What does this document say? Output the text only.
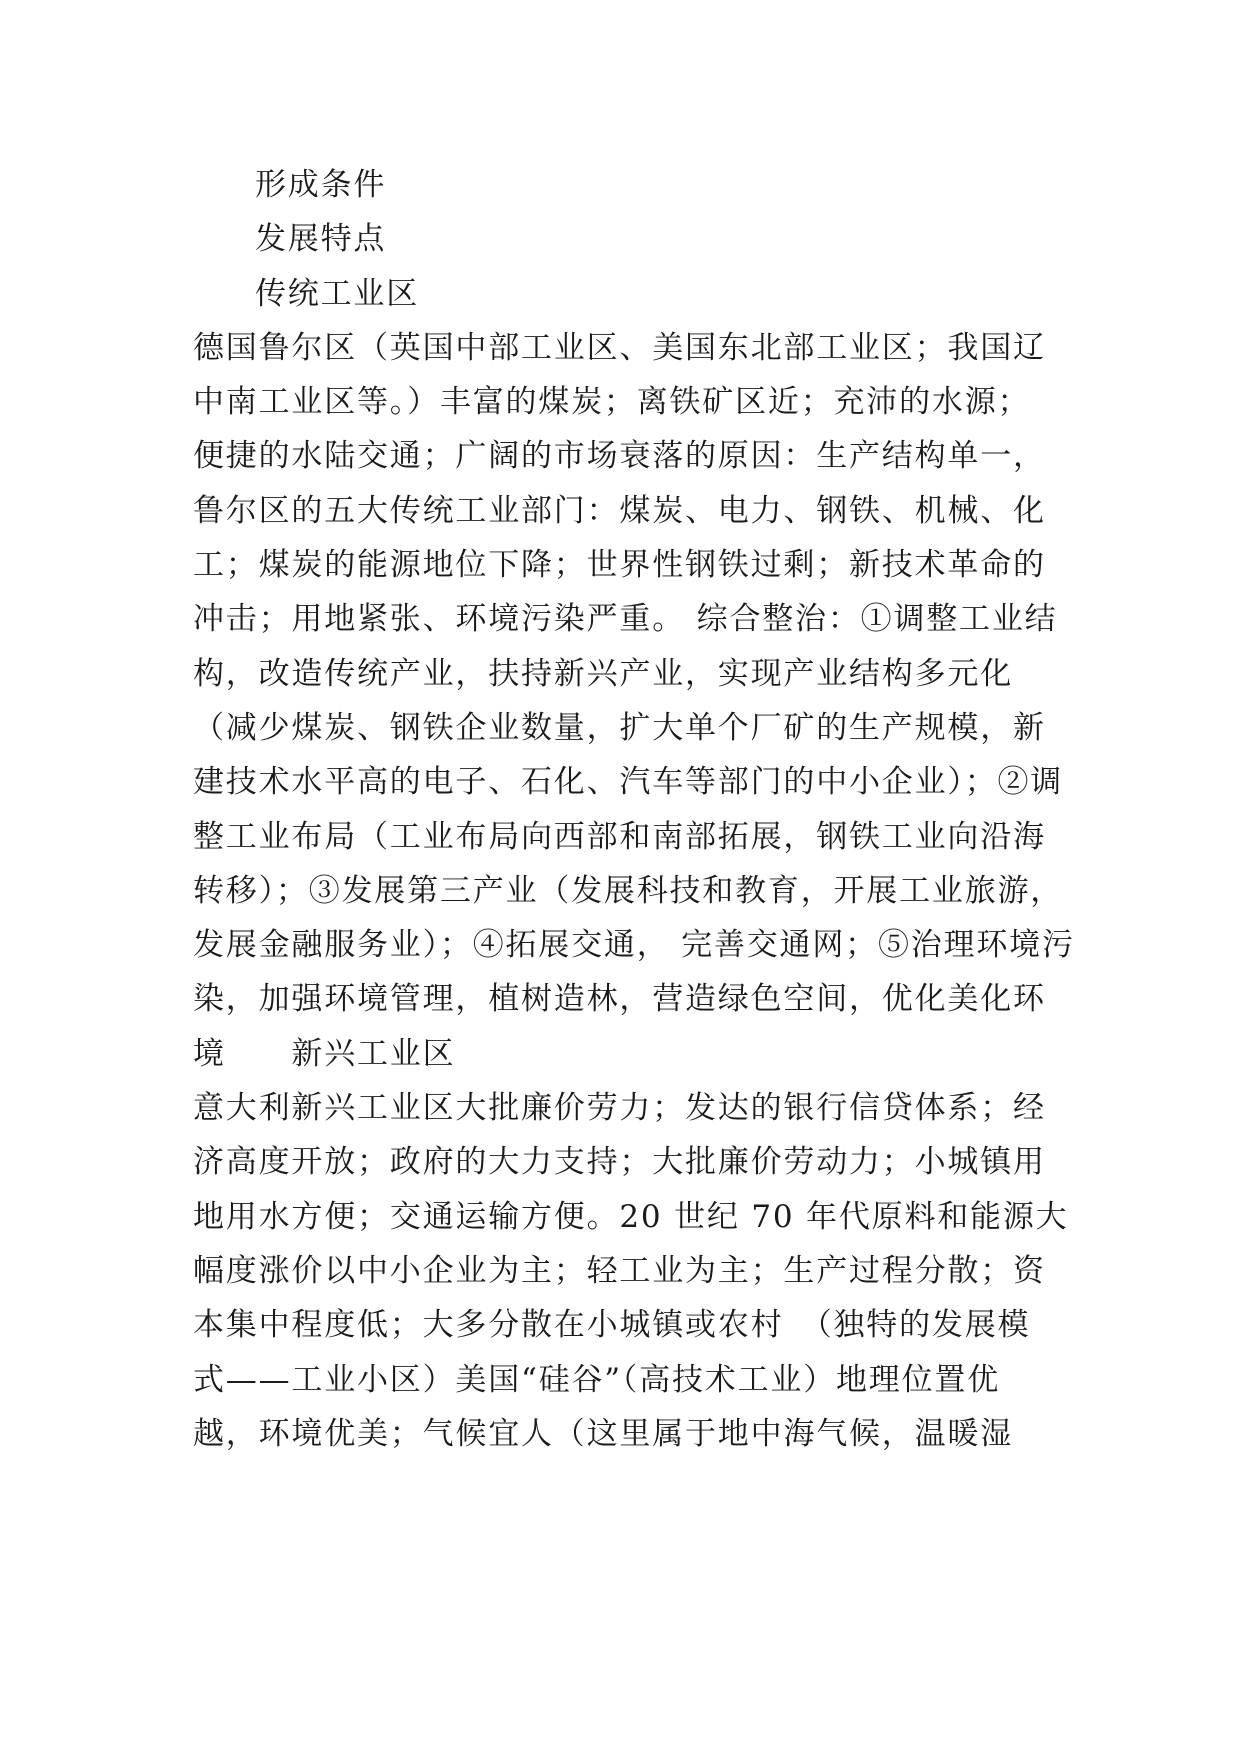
形成条件
发展特点
传统工业区
德国鲁尔区（英国中部工业区、美国东北部工业区；我国辽
中南工业区等。）丰富的煤炭；离铁矿区近；充沛的水源；
便捷的水陆交通；广阔的市场衰落的原因：生产结构单一，
鲁尔区的五大传统工业部门：煤炭、电力、钢铁、机械、化
工；煤炭的能源地位下降；世界性钢铁过剩；新技术革命的
冲击；用地紧张、环境污染严重。 综合整治：①调整工业结
构，改造传统产业，扶持新兴产业，实现产业结构多元化
（减少煤炭、钢铁企业数量，扩大单个厂矿的生产规模，新
建技术水平高的电子、石化、汽车等部门的中小企业）；②调
整工业布局（工业布局向西部和南部拓展，钢铁工业向沿海
转移）；③发展第三产业（发展科技和教育，开展工业旅游，
发展金融服务业）；④拓展交通， 完善交通网；⑤治理环境污
染，加强环境管理，植树造林，营造绿色空间，优化美化环
境　　新兴工业区
意大利新兴工业区大批廉价劳力；发达的银行信贷体系；经
济高度开放；政府的大力支持；大批廉价劳动力；小城镇用
地用水方便；交通运输方便。20 世纪 70 年代原料和能源大
幅度涨价以中小企业为主；轻工业为主；生产过程分散；资
本集中程度低；大多分散在小城镇或农村　（独特的发展模
式——工业小区）美国“硅谷”（高技术工业）地理位置优
越，环境优美；气候宜人（这里属于地中海气候，温暖湿
